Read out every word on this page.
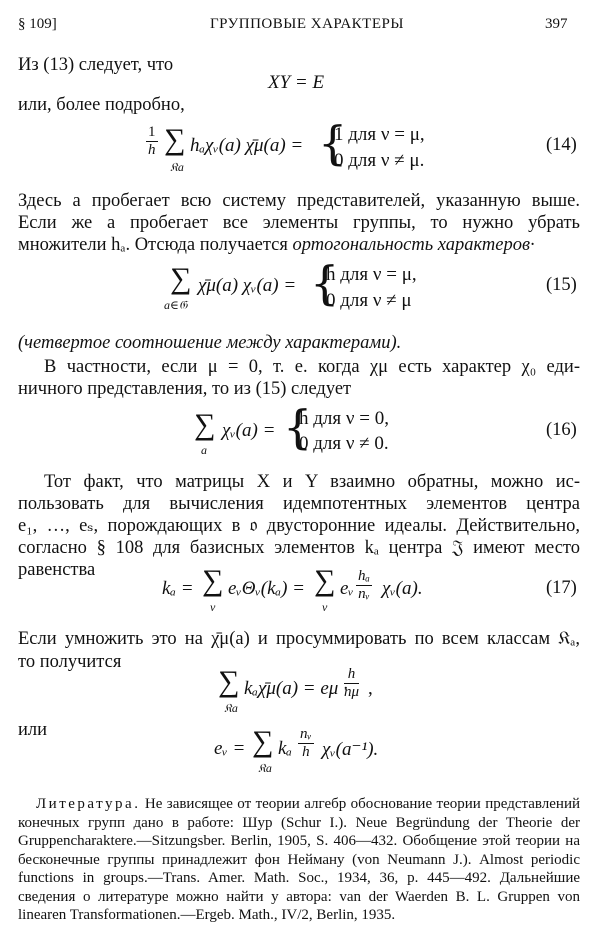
§ 109]	ГРУППОВЫЕ ХАРАКТЕРЫ	397
Из (13) следует, что
XY = E
или, более подробно,
$\frac{1}{h}$ ∑
𝔎a
hₐχᵥ(a) χ̄μ(a) = {
1 для ν = μ,
0 для ν ≠ μ.
(14)
Здесь a пробегает всю систему представителей, указанную выше.
Если же a пробегает все элементы группы, то нужно убрать
множители hₐ. Отсюда получается ортогональность характеров·
∑
a∈𝔊
χ̄μ(a) χᵥ(a) = {
h для ν = μ,
0 для ν ≠ μ
(15)
(четвертое соотношение между характерами).
В частности, если μ = 0, т. е. когда χμ есть характер χ₀ еди-
ничного представления, то из (15) следует
∑
a
χᵥ(a) = {
h для ν = 0,
0 для ν ≠ 0.
(16)
Тот факт, что матрицы X и Y взаимно обратны, можно ис-
пользовать для вычисления идемпотентных элементов центра
e₁, …, eₛ, порождающих в 𝔬 двусторонние идеалы. Действительно,
согласно § 108 для базисных элементов kₐ центра 𝔍 имеют место
равенства
kₐ = ∑
ν
eᵥΘᵥ(kₐ) = ∑
ν
eᵥ $\frac{\text{hₐ}}{\text{nᵥ}}$ χᵥ(a).	(17)
Если умножить это на χ̄μ(a) и просуммировать по всем классам 𝔎ₐ,
то получится
∑
𝔎a
kₐχ̄μ(a) = eμ ·
$\frac{h}{n\mu}$ ,
или
eᵥ = ∑
𝔎a
kₐ $\frac{\text{nᵥ}}{h}$ χᵥ(a⁻¹).
Литература. Не зависящее от теории алгебр обоснование теории представлений конечных групп дано в работе: Шур (Schur I.). Neue Begründung der Theorie der Gruppencharaktere.—Sitzungsber. Berlin, 1905, S. 406—432. Обобщение этой теории на бесконечные группы принадлежит фон Нейману (von Neumann J.). Almost periodic functions in groups.—Trans. Amer. Math. Soc., 1934, 36, p. 445—492. Дальнейшие сведения о литературе можно найти у автора: van der Waerden B. L. Gruppen von linearen Transformationen.—Ergeb. Math., IV/2, Berlin, 1935.
